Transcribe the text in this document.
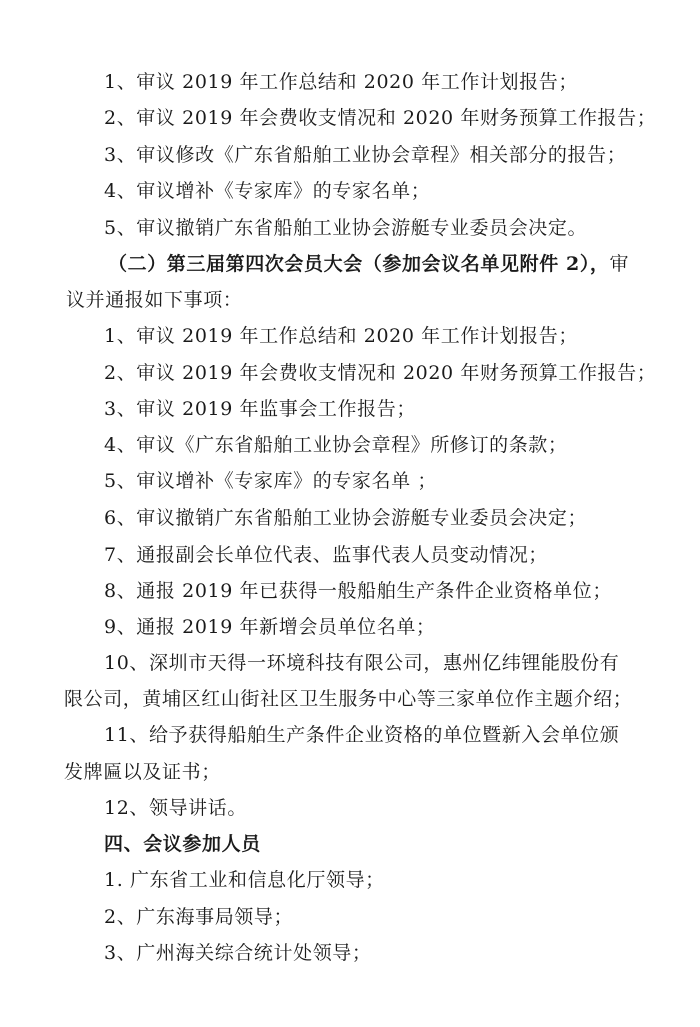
1、审议 2019 年工作总结和 2020 年工作计划报告；
2、审议 2019 年会费收支情况和 2020 年财务预算工作报告；
3、审议修改《广东省船舶工业协会章程》相关部分的报告；
4、审议增补《专家库》的专家名单；
5、审议撤销广东省船舶工业协会游艇专业委员会决定。
（二）第三届第四次会员大会（参加会议名单见附件 2），审
议并通报如下事项：
1、审议 2019 年工作总结和 2020 年工作计划报告；
2、审议 2019 年会费收支情况和 2020 年财务预算工作报告；
3、审议 2019 年监事会工作报告；
4、审议《广东省船舶工业协会章程》所修订的条款；
5、审议增补《专家库》的专家名单 ；
6、审议撤销广东省船舶工业协会游艇专业委员会决定；
7、通报副会长单位代表、监事代表人员变动情况；
8、通报 2019 年已获得一般船舶生产条件企业资格单位；
9、通报 2019 年新增会员单位名单；
10、深圳市天得一环境科技有限公司，惠州亿纬锂能股份有
限公司，黄埔区红山街社区卫生服务中心等三家单位作主题介绍；
11、给予获得船舶生产条件企业资格的单位暨新入会单位颁
发牌匾以及证书；
12、领导讲话。
四、会议参加人员
1. 广东省工业和信息化厅领导；
2、广东海事局领导；
3、广州海关综合统计处领导；
